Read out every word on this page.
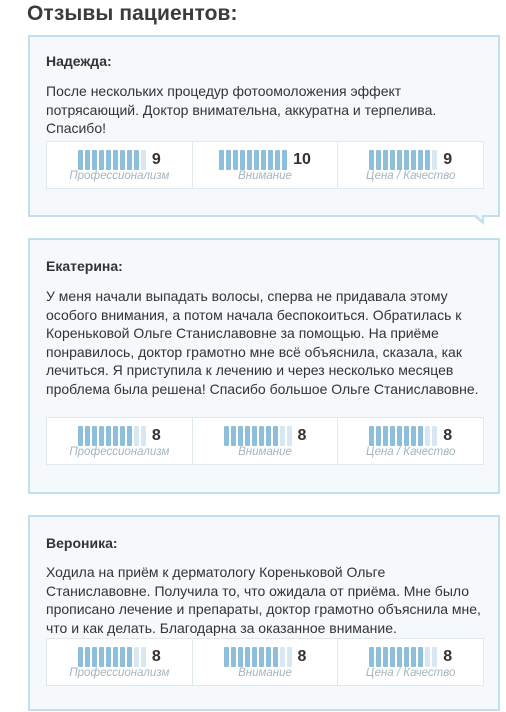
Отзывы пациентов:
Надежда:
После нескольких процедур фотоомоложения эффект потрясающий. Доктор внимательна, аккуратна и терпелива. Спасибо!
9
Профессионализм
10
Внимание
9
Цена / Качество
Екатерина:
У меня начали выпадать волосы, сперва не придавала этому особого внимания, а потом начала беспокоиться. Обратилась к Кореньковой Ольге Станиславовне за помощью. На приёме понравилось, доктор грамотно мне всё объяснила, сказала, как лечиться. Я приступила к лечению и через несколько месяцев проблема была решена! Спасибо большое Ольге Станиславовне.
8
Профессионализм
8
Внимание
8
Цена / Качество
Вероника:
Ходила на приём к дерматологу Кореньковой Ольге Станиславовне. Получила то, что ожидала от приёма. Мне было прописано лечение и препараты, доктор грамотно объяснила мне, что и как делать. Благодарна за оказанное внимание.
8
Профессионализм
8
Внимание
8
Цена / Качество
